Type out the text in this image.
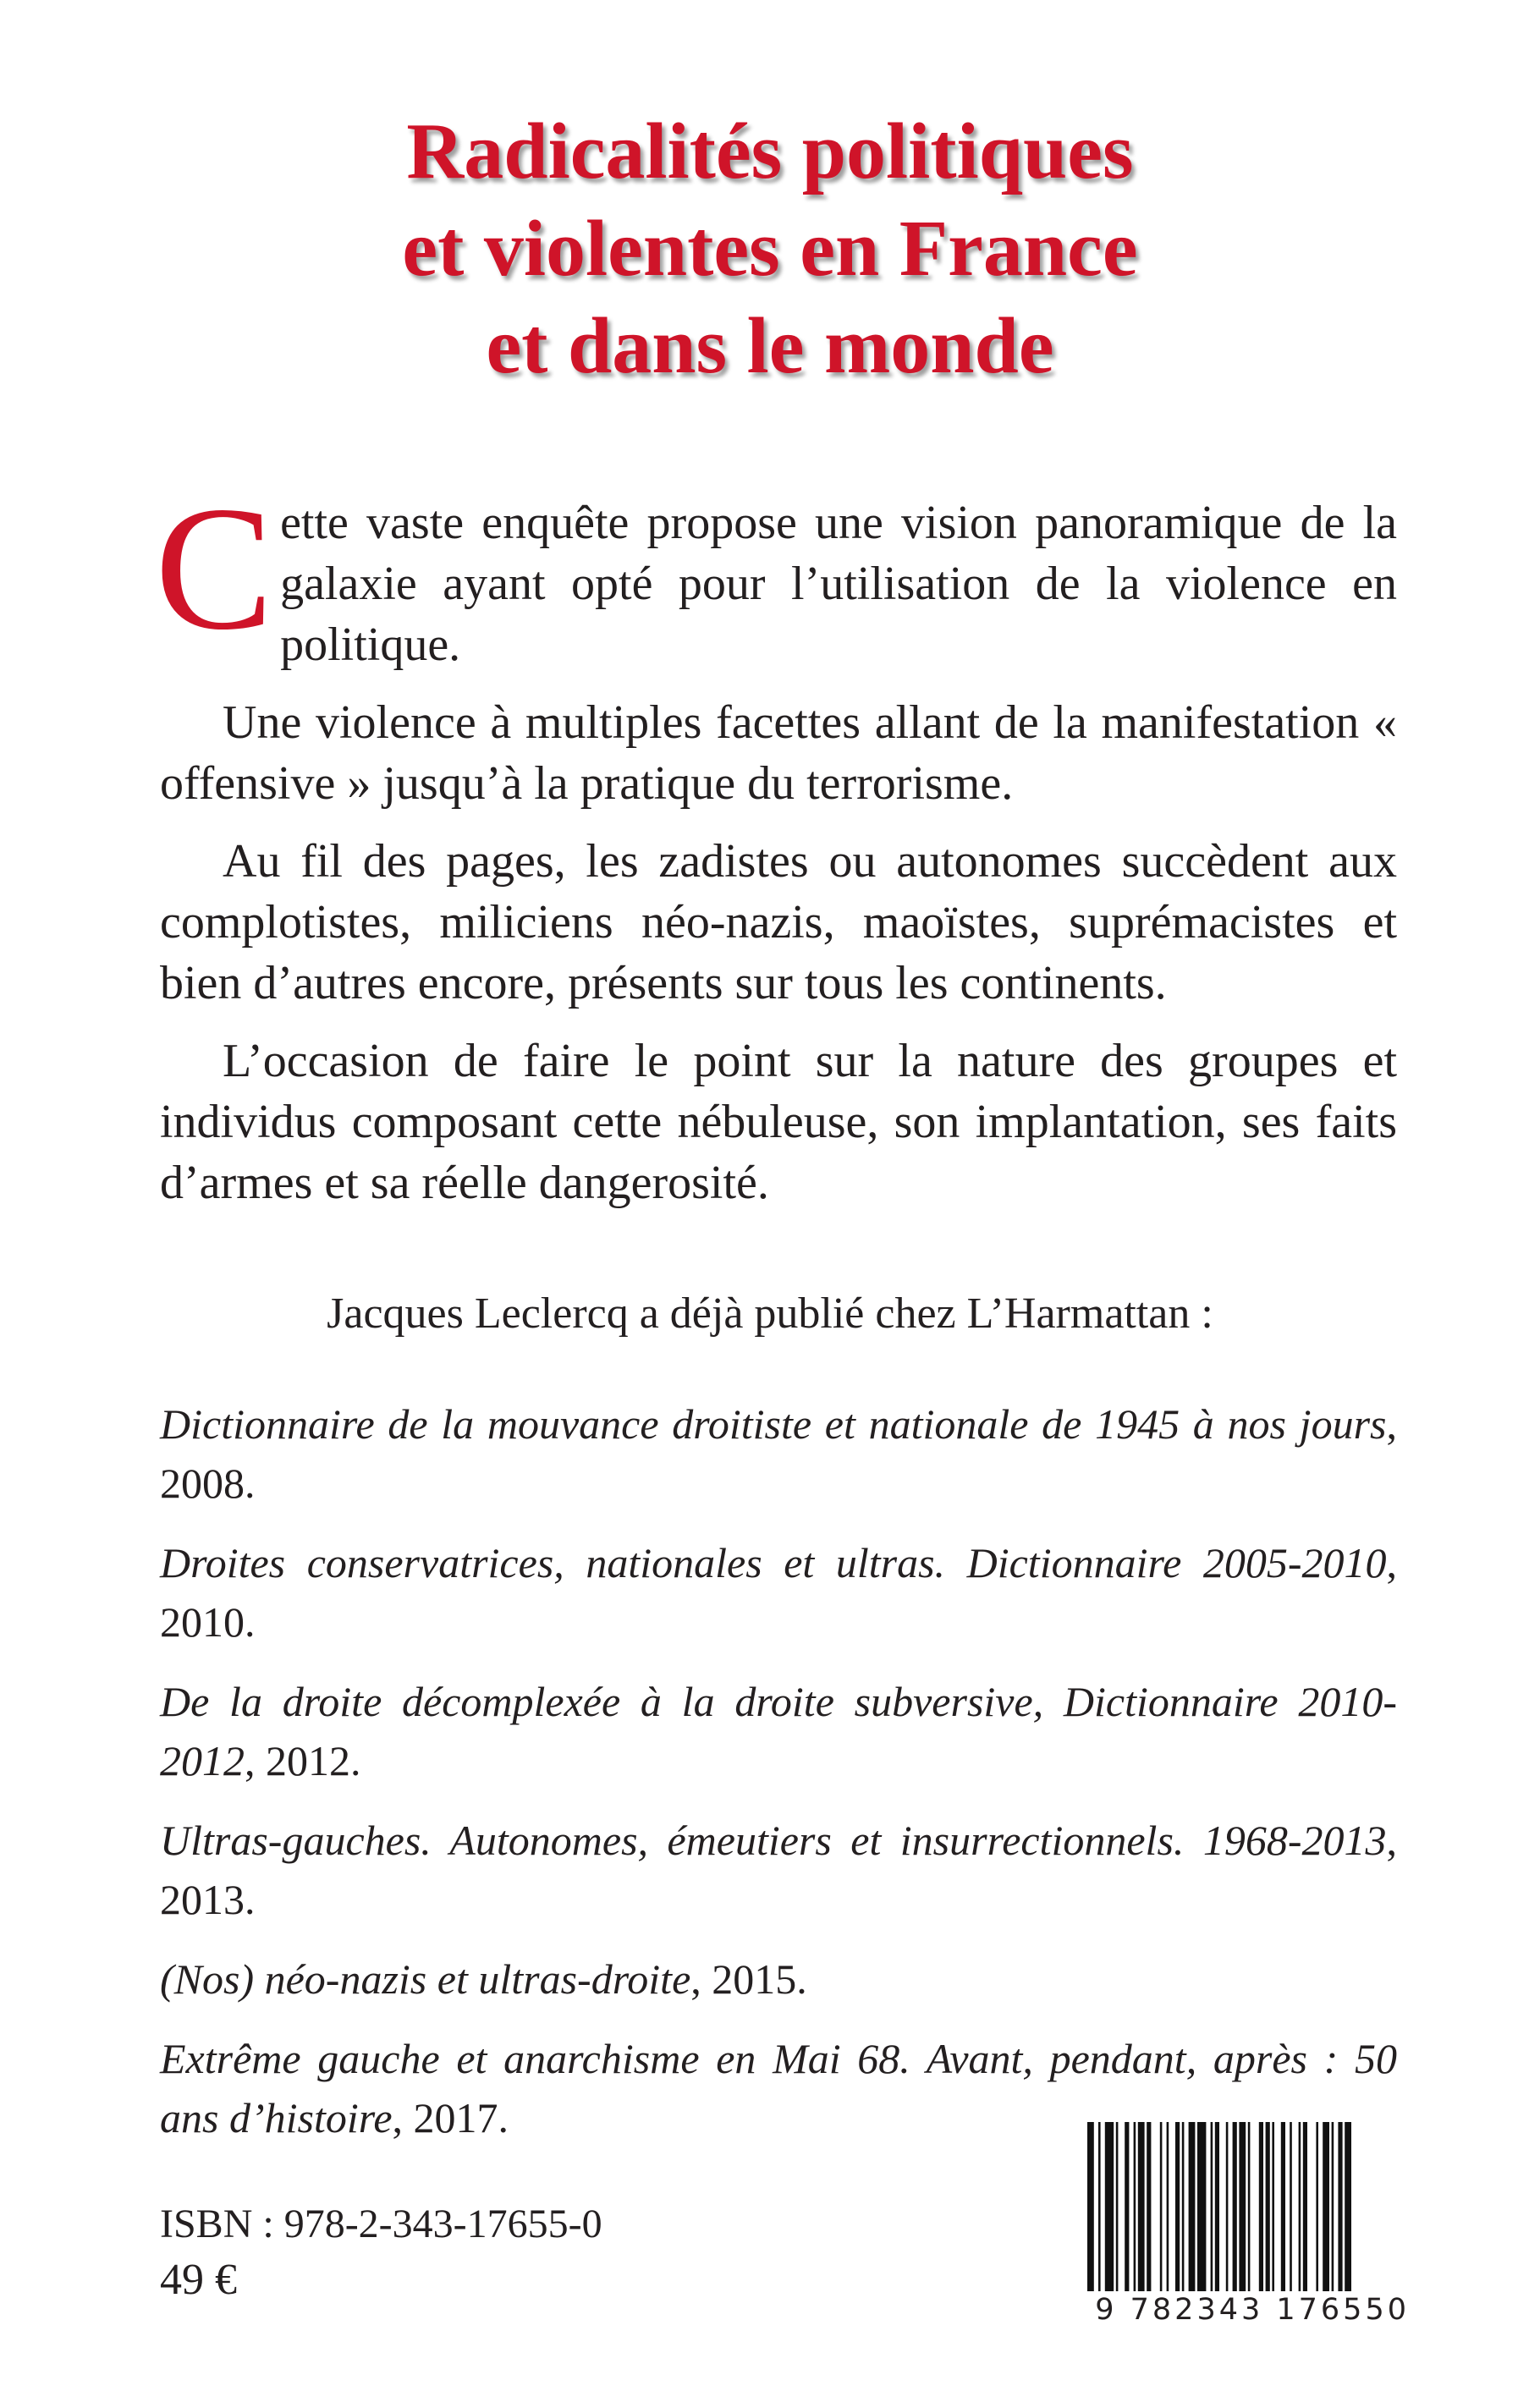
Radicalités politiques
et violentes en France
et dans le monde

Cette vaste enquête propose une vision panoramique de la galaxie ayant opté pour l’utilisation de la violence en politique.

Une violence à multiples facettes allant de la manifestation « offensive » jusqu’à la pratique du terrorisme.

Au fil des pages, les zadistes ou autonomes succèdent aux complotistes, miliciens néo-nazis, maoïstes, suprémacistes et bien d’autres encore, présents sur tous les continents.

L’occasion de faire le point sur la nature des groupes et individus composant cette nébuleuse, son implantation, ses faits d’armes et sa réelle dangerosité.

Jacques Leclercq a déjà publié chez L’Harmattan :

Dictionnaire de la mouvance droitiste et nationale de 1945 à nos jours, 2008.

Droites conservatrices, nationales et ultras. Dictionnaire 2005-2010, 2010.

De la droite décomplexée à la droite subversive, Dictionnaire 2010-2012, 2012.

Ultras-gauches. Autonomes, émeutiers et insurrectionnels. 1968-2013, 2013.

(Nos) néo-nazis et ultras-droite, 2015.

Extrême gauche et anarchisme en Mai 68. Avant, pendant, après : 50 ans d’histoire, 2017.

ISBN : 978-2-343-17655-0
49 €
9 782343 176550
